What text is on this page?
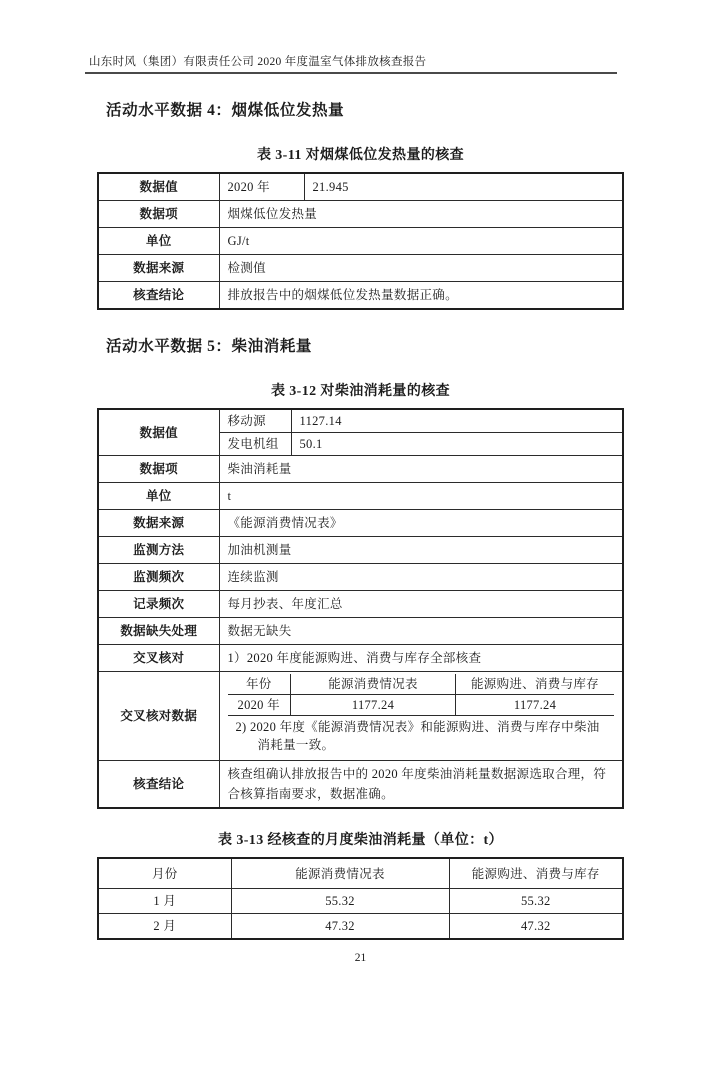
山东时风（集团）有限责任公司 2020 年度温室气体排放核查报告
活动水平数据 4：烟煤低位发热量
表 3-11 对烟煤低位发热量的核查
数据值	2020 年	21.945
数据项	烟煤低位发热量	
单位	GJ/t	
数据来源	检测值	
核查结论	排放报告中的烟煤低位发热量数据正确。	
活动水平数据 5：柴油消耗量
表 3-12 对柴油消耗量的核查
数据值	移动源	1127.14
发电机组	50.1
数据项	柴油消耗量
单位	t
数据来源	《能源消费情况表》
监测方法	加油机测量
监测频次	连续监测
记录频次	每月抄表、年度汇总
数据缺失处理	数据无缺失
交叉核对	1）2020 年度能源购进、消费与库存全部核查
交叉核对数据	
年份	能源消费情况表	能源购进、消费与库存
2020 年	1177.24	1177.24
2) 2020 年度《能源消费情况表》和能源购进、消费与库存中柴油消耗量一致。

核查结论	核查组确认排放报告中的 2020 年度柴油消耗量数据源选取合理，符合核算指南要求，数据准确。
表 3-13 经核查的月度柴油消耗量（单位：t）
月份	能源消费情况表	能源购进、消费与库存
1 月	55.32	55.32
2 月	47.32	47.32
21
